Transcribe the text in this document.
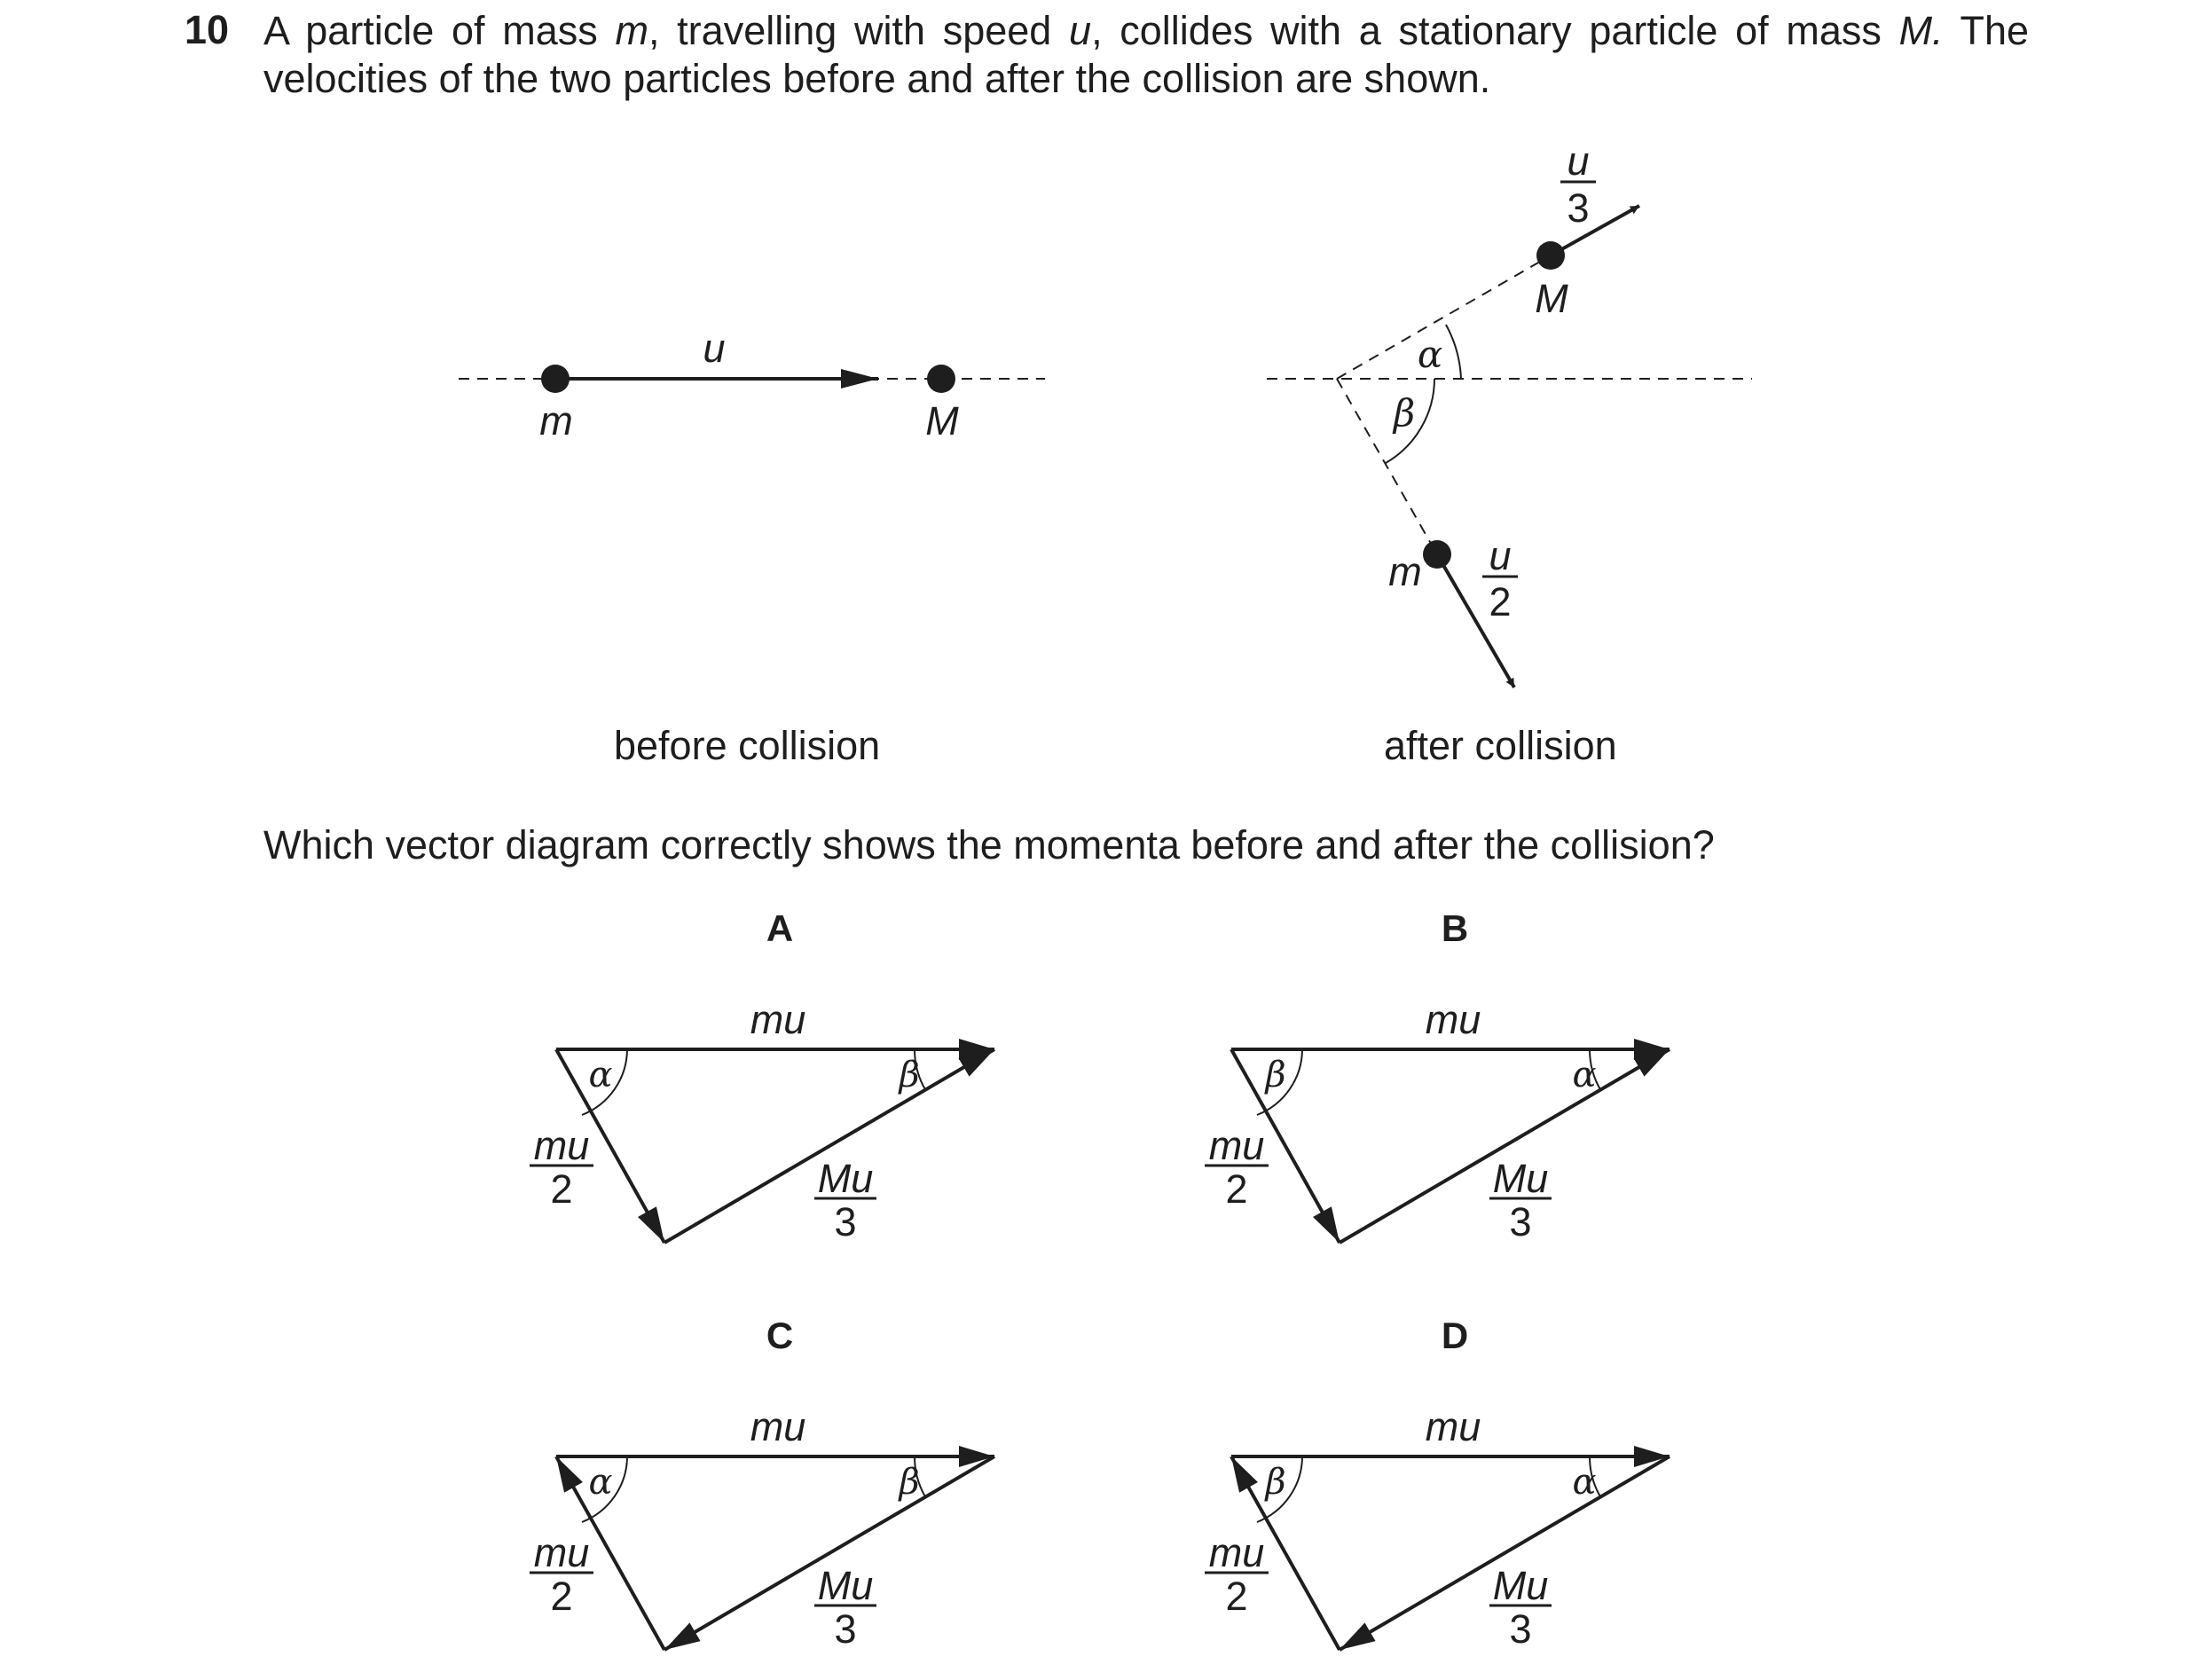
10 A particle of mass m, travelling with speed u, collides with a stationary particle of mass M. The velocities of the two particles before and after the collision are shown.
before collision	after collision
Which vector diagram correctly shows the momenta before and after the collision?
u
m	M
u
3
M
m u
2
α
β
A
mu
α	β
mu
2	Mu
3
B
mu
β	α
mu
2	Mu
3
C
mu
α	β
mu
2	Mu
3
D
mu
β	α
mu
2	Mu
3
